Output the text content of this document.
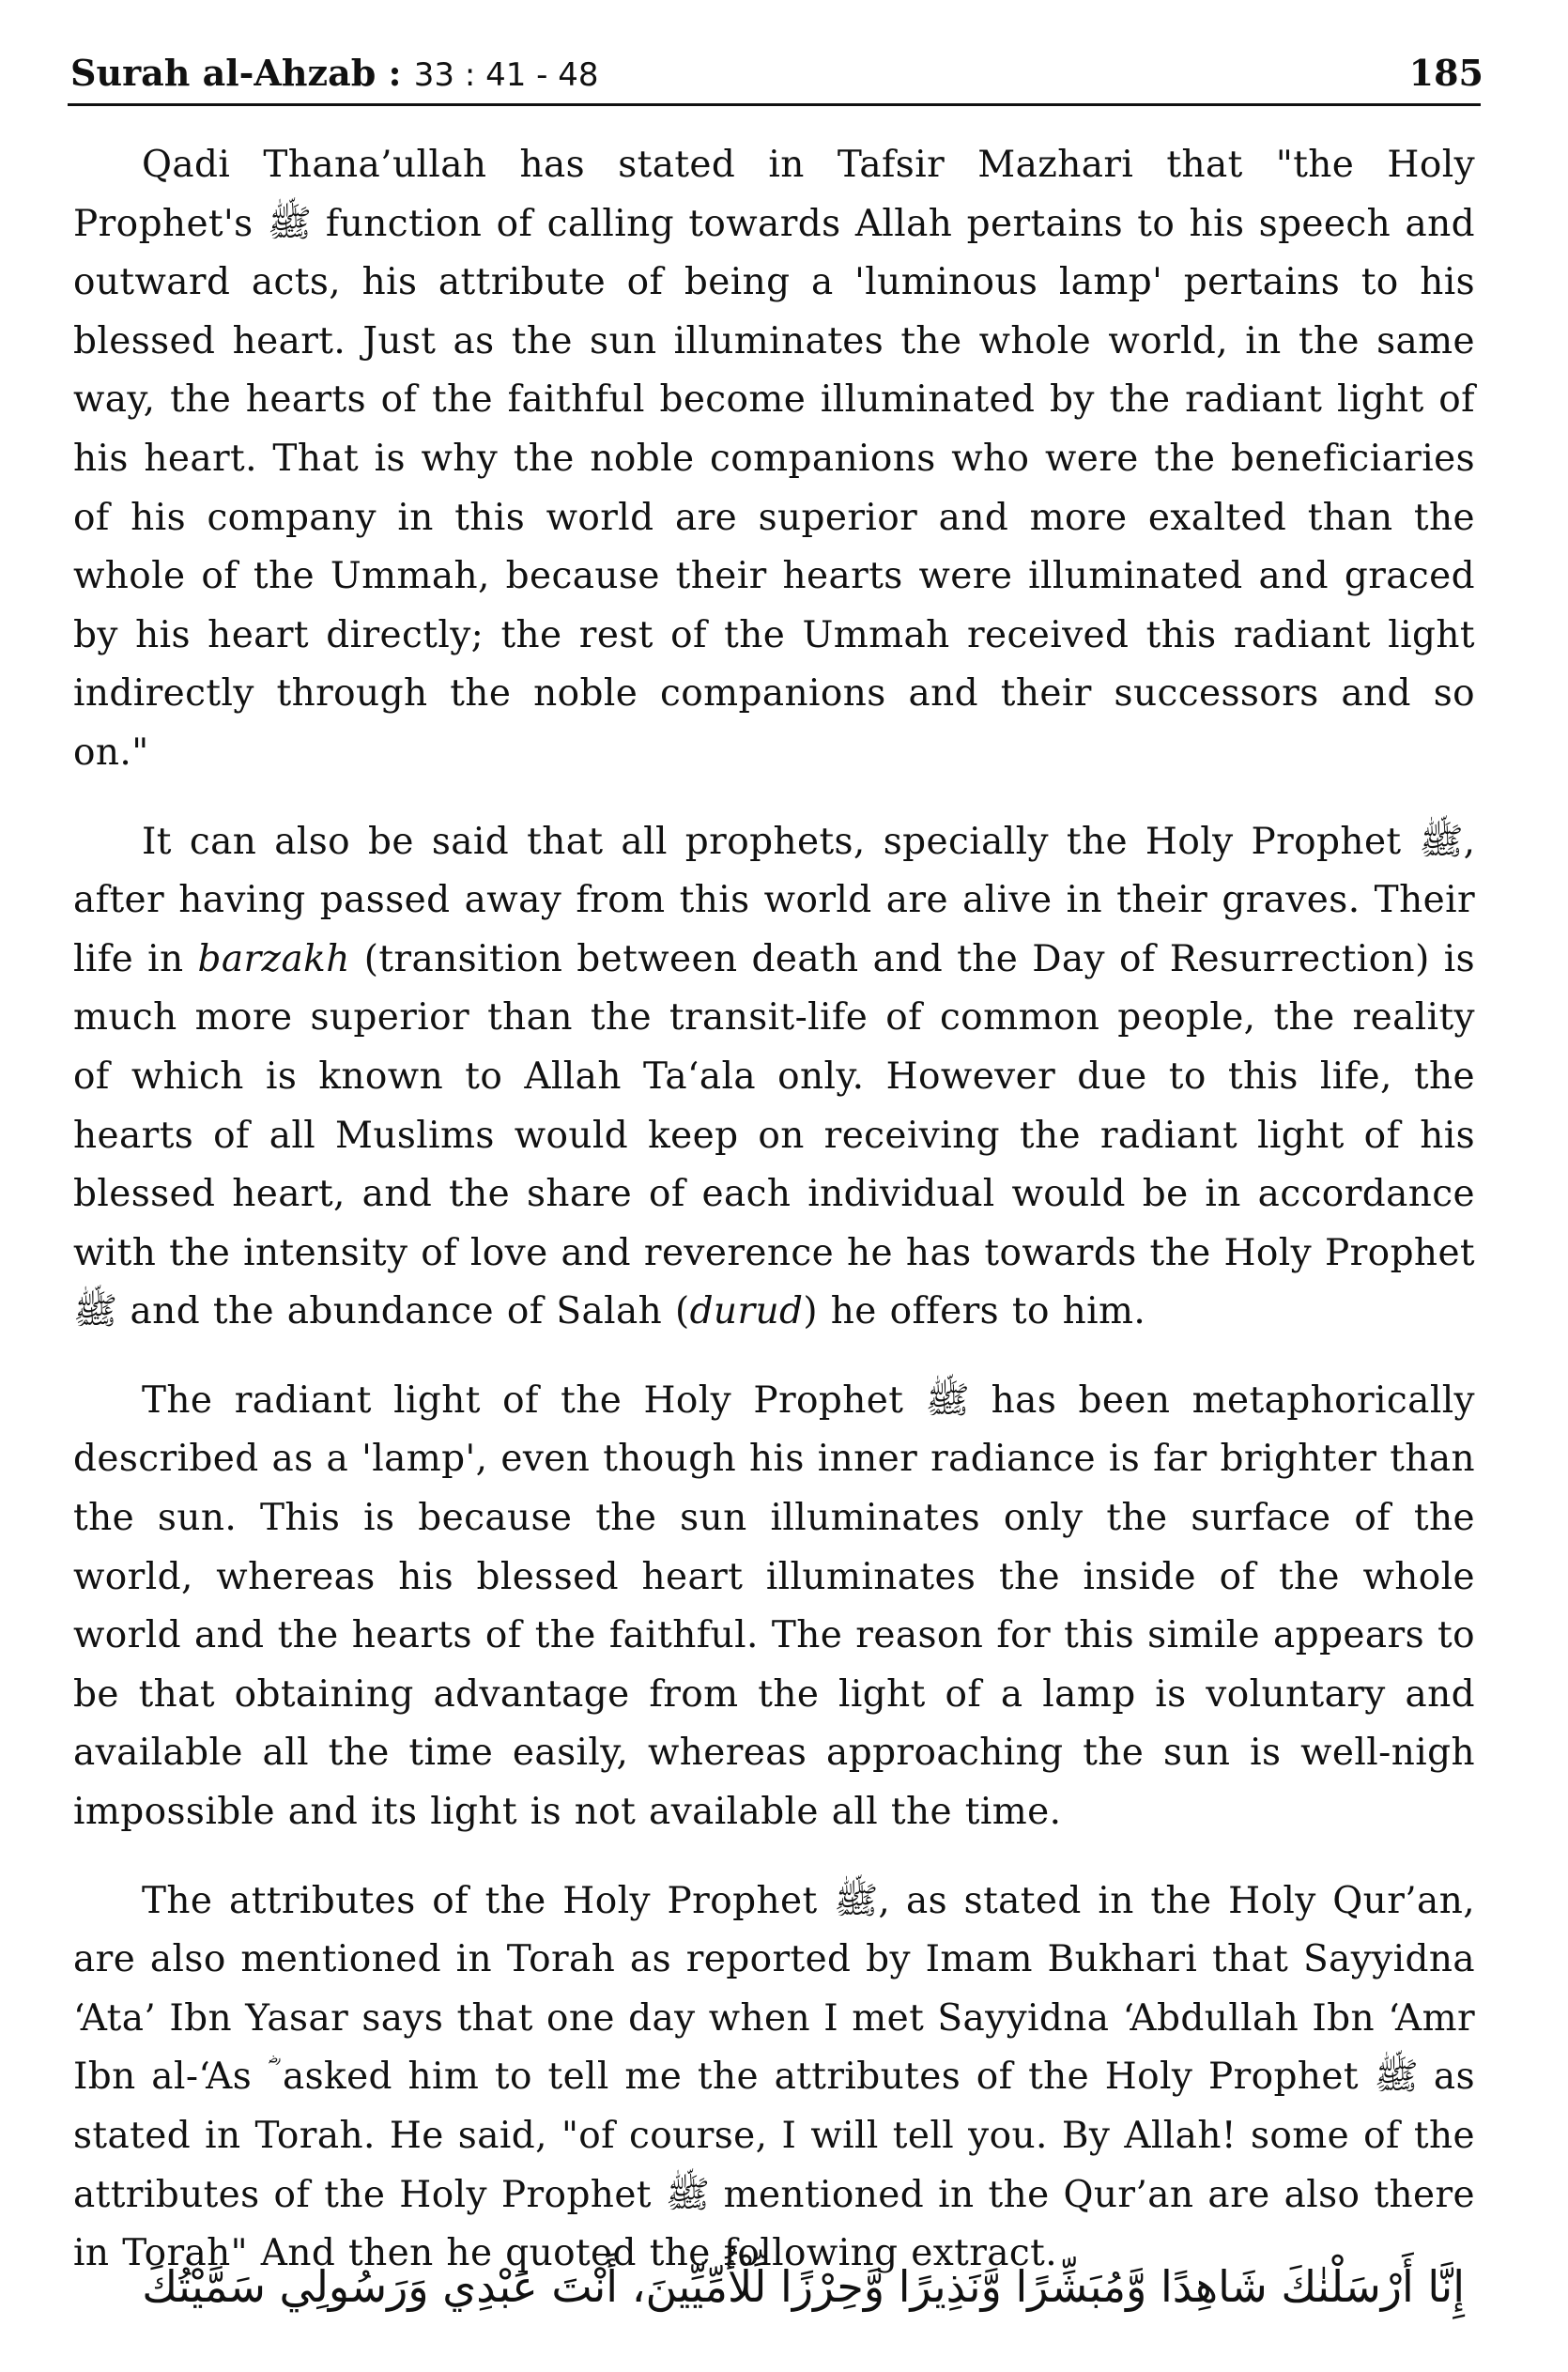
Surah al-Ahzab : 33 : 41 - 48	185

Qadi Thana’ullah has stated in Tafsir Mazhari that "the Holy Prophet's ﷺ function of calling towards Allah pertains to his speech and outward acts, his attribute of being a 'luminous lamp' pertains to his blessed heart. Just as the sun illuminates the whole world, in the same way, the hearts of the faithful become illuminated by the radiant light of his heart. That is why the noble companions who were the beneficiaries of his company in this world are superior and more exalted than the whole of the Ummah, because their hearts were illuminated and graced by his heart directly; the rest of the Ummah received this radiant light indirectly through the noble companions and their successors and so on."

It can also be said that all prophets, specially the Holy Prophet ﷺ, after having passed away from this world are alive in their graves. Their life in barzakh (transition between death and the Day of Resurrection) is much more superior than the transit-life of common people, the reality of which is known to Allah Ta‘ala only. However due to this life, the hearts of all Muslims would keep on receiving the radiant light of his blessed heart, and the share of each individual would be in accordance with the intensity of love and reverence he has towards the Holy Prophet ﷺ and the abundance of Salah (durud) he offers to him.

The radiant light of the Holy Prophet ﷺ has been metaphorically described as a 'lamp', even though his inner radiance is far brighter than the sun. This is because the sun illuminates only the surface of the world, whereas his blessed heart illuminates the inside of the whole world and the hearts of the faithful. The reason for this simile appears to be that obtaining advantage from the light of a lamp is voluntary and available all the time easily, whereas approaching the sun is well-nigh impossible and its light is not available all the time.

The attributes of the Holy Prophet ﷺ, as stated in the Holy Qur’an, are also mentioned in Torah as reported by Imam Bukhari that Sayyidna ‘Ata’ Ibn Yasar says that one day when I met Sayyidna ‘Abdullah Ibn ‘Amr Ibn al-‘As ؓ asked him to tell me the attributes of the Holy Prophet ﷺ as stated in Torah. He said, "of course, I will tell you. By Allah! some of the attributes of the Holy Prophet ﷺ mentioned in the Qur’an are also there in Torah" And then he quoted the following extract.

إِنَّا أَرْسَلْنٰكَ شَاهِدًا وَّمُبَشِّرًا وَّنَذِيرًا وَّحِرْزًا لِّلْأُمِّيِّينَ، أَنْتَ عَبْدِي وَرَسُولِي سَمَّيْتُكَ
